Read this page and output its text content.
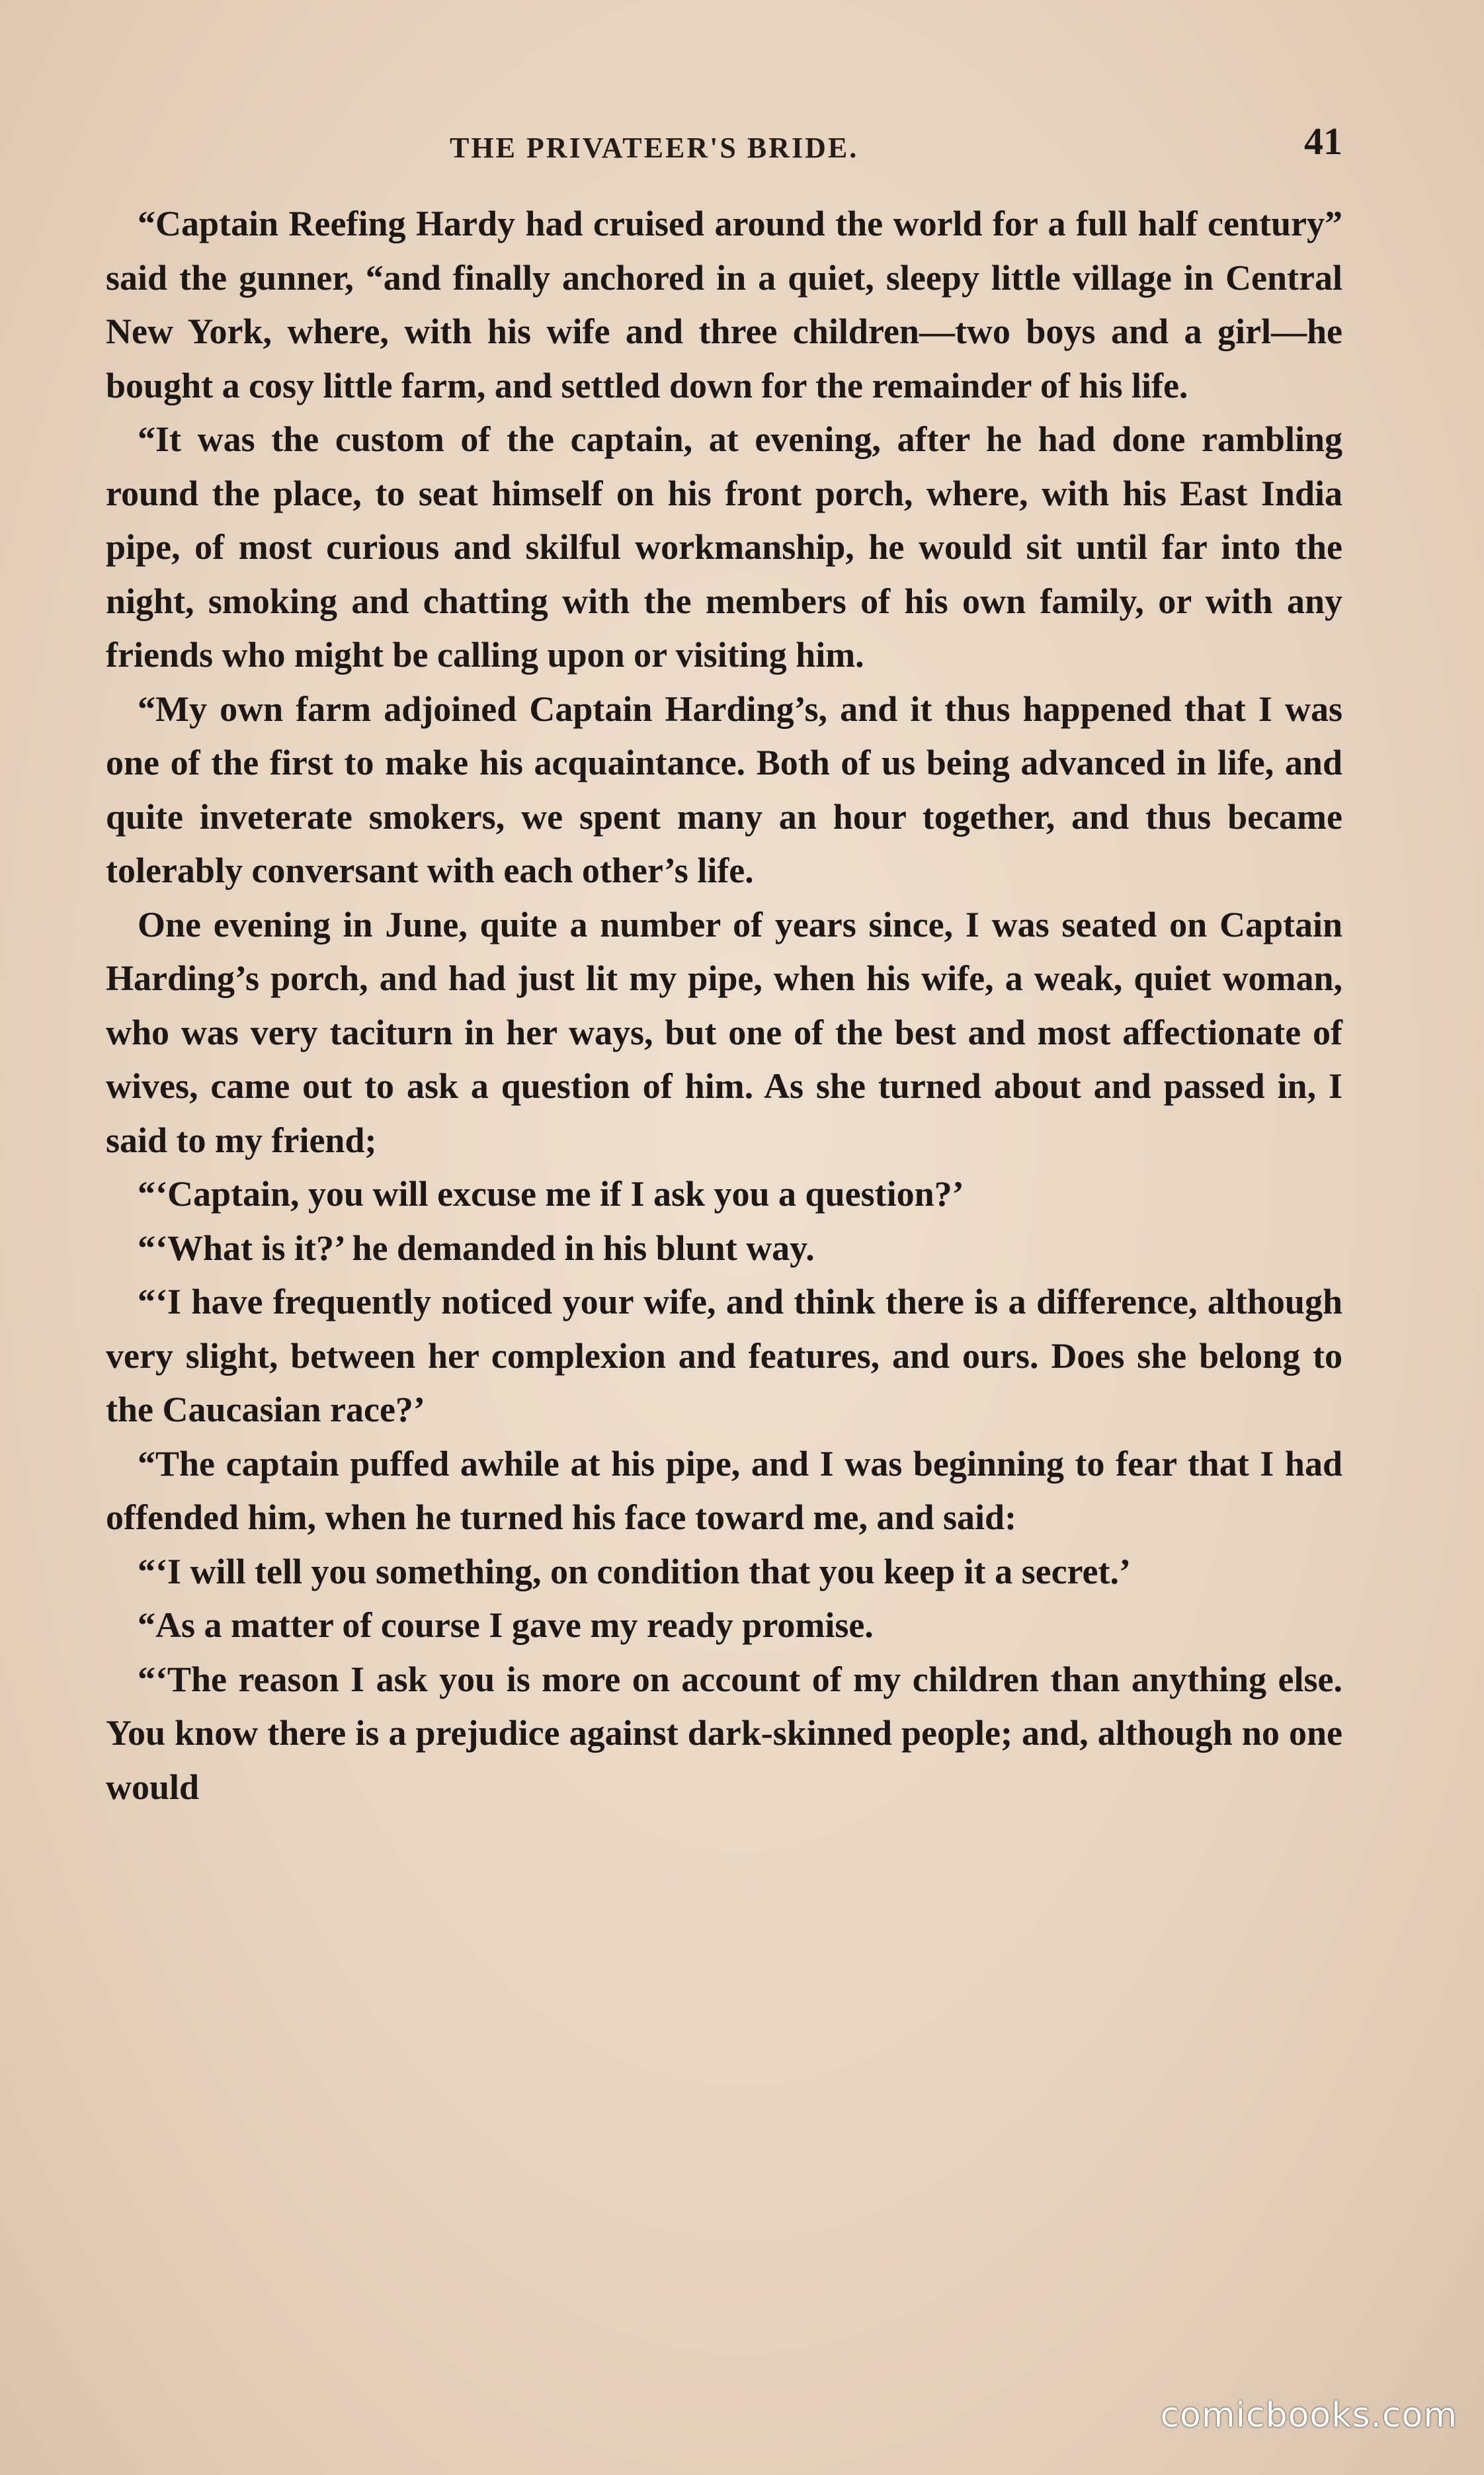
THE PRIVATEER'S BRIDE.	41

“Captain Reefing Hardy had cruised around the world for a full half century” said the gunner, “and finally anchored in a quiet, sleepy little village in Central New York, where, with his wife and three children—two boys and a girl—he bought a cosy little farm, and settled down for the remainder of his life.

“It was the custom of the captain, at evening, after he had done rambling round the place, to seat himself on his front porch, where, with his East India pipe, of most curious and skilful workmanship, he would sit until far into the night, smoking and chatting with the members of his own family, or with any friends who might be calling upon or visiting him.

“My own farm adjoined Captain Harding’s, and it thus happened that I was one of the first to make his acquaintance. Both of us being advanced in life, and quite inveterate smokers, we spent many an hour together, and thus became tolerably conversant with each other’s life.

One evening in June, quite a number of years since, I was seated on Captain Harding’s porch, and had just lit my pipe, when his wife, a weak, quiet woman, who was very taciturn in her ways, but one of the best and most affectionate of wives, came out to ask a question of him. As she turned about and passed in, I said to my friend;

“‘Captain, you will excuse me if I ask you a question?’

“‘What is it?’ he demanded in his blunt way.

“‘I have frequently noticed your wife, and think there is a difference, although very slight, between her complexion and features, and ours. Does she belong to the Caucasian race?’

“The captain puffed awhile at his pipe, and I was beginning to fear that I had offended him, when he turned his face toward me, and said:

“‘I will tell you something, on condition that you keep it a secret.’

“As a matter of course I gave my ready promise.

“‘The reason I ask you is more on account of my children than anything else. You know there is a prejudice against dark-skinned people; and, although no one would

comicbooks.com
